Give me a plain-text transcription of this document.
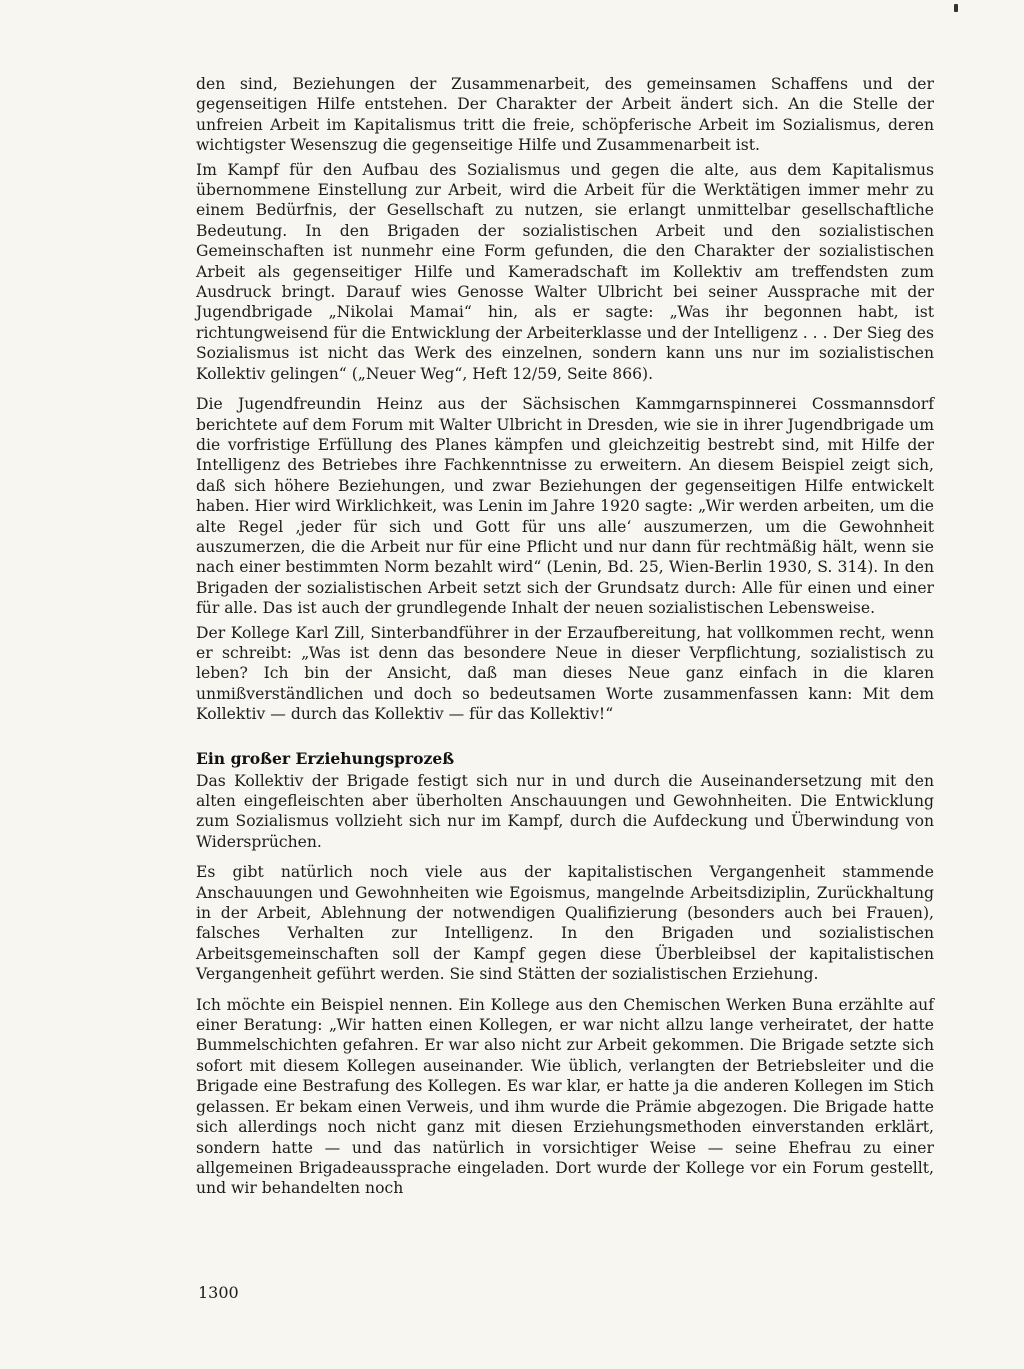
den sind, Beziehungen der Zusammenarbeit, des gemeinsamen Schaffens und der gegenseitigen Hilfe entstehen. Der Charakter der Arbeit ändert sich. An die Stelle der unfreien Arbeit im Kapitalismus tritt die freie, schöpferische Arbeit im Sozialismus, deren wichtigster Wesenszug die gegenseitige Hilfe und Zusammenarbeit ist.

Im Kampf für den Aufbau des Sozialismus und gegen die alte, aus dem Kapitalismus übernommene Einstellung zur Arbeit, wird die Arbeit für die Werktätigen immer mehr zu einem Bedürfnis, der Gesellschaft zu nutzen, sie erlangt unmittelbar gesellschaftliche Bedeutung. In den Brigaden der sozialistischen Arbeit und den sozialistischen Gemeinschaften ist nunmehr eine Form gefunden, die den Charakter der sozialistischen Arbeit als gegenseitiger Hilfe und Kameradschaft im Kollektiv am treffendsten zum Ausdruck bringt. Darauf wies Genosse Walter Ulbricht bei seiner Aussprache mit der Jugendbrigade „Nikolai Mamai“ hin, als er sagte: „Was ihr begonnen habt, ist richtungweisend für die Entwicklung der Arbeiterklasse und der Intelligenz . . . Der Sieg des Sozialismus ist nicht das Werk des einzelnen, sondern kann uns nur im sozialistischen Kollektiv gelingen“ („Neuer Weg“, Heft 12/59, Seite 866).

Die Jugendfreundin Heinz aus der Sächsischen Kammgarnspinnerei Cossmannsdorf berichtete auf dem Forum mit Walter Ulbricht in Dresden, wie sie in ihrer Jugendbrigade um die vorfristige Erfüllung des Planes kämpfen und gleichzeitig bestrebt sind, mit Hilfe der Intelligenz des Betriebes ihre Fachkenntnisse zu erweitern. An diesem Beispiel zeigt sich, daß sich höhere Beziehungen, und zwar Beziehungen der gegenseitigen Hilfe entwickelt haben. Hier wird Wirklichkeit, was Lenin im Jahre 1920 sagte: „Wir werden arbeiten, um die alte Regel ‚jeder für sich und Gott für uns alle‘ auszumerzen, um die Gewohnheit auszumerzen, die die Arbeit nur für eine Pflicht und nur dann für rechtmäßig hält, wenn sie nach einer bestimmten Norm bezahlt wird“ (Lenin, Bd. 25, Wien-Berlin 1930, S. 314). In den Brigaden der sozialistischen Arbeit setzt sich der Grundsatz durch: Alle für einen und einer für alle. Das ist auch der grundlegende Inhalt der neuen sozialistischen Lebensweise.

Der Kollege Karl Zill, Sinterbandführer in der Erzaufbereitung, hat vollkommen recht, wenn er schreibt: „Was ist denn das besondere Neue in dieser Verpflichtung, sozialistisch zu leben? Ich bin der Ansicht, daß man dieses Neue ganz einfach in die klaren unmißverständlichen und doch so bedeutsamen Worte zusammenfassen kann: Mit dem Kollektiv — durch das Kollektiv — für das Kollektiv!“

Ein großer Erziehungsprozeß

Das Kollektiv der Brigade festigt sich nur in und durch die Auseinandersetzung mit den alten eingefleischten aber überholten Anschauungen und Gewohnheiten. Die Entwicklung zum Sozialismus vollzieht sich nur im Kampf, durch die Aufdeckung und Überwindung von Widersprüchen.

Es gibt natürlich noch viele aus der kapitalistischen Vergangenheit stammende Anschauungen und Gewohnheiten wie Egoismus, mangelnde Arbeitsdiziplin, Zurückhaltung in der Arbeit, Ablehnung der notwendigen Qualifizierung (besonders auch bei Frauen), falsches Verhalten zur Intelligenz. In den Brigaden und sozialistischen Arbeitsgemeinschaften soll der Kampf gegen diese Überbleibsel der kapitalistischen Vergangenheit geführt werden. Sie sind Stätten der sozialistischen Erziehung.

Ich möchte ein Beispiel nennen. Ein Kollege aus den Chemischen Werken Buna erzählte auf einer Beratung: „Wir hatten einen Kollegen, er war nicht allzu lange verheiratet, der hatte Bummelschichten gefahren. Er war also nicht zur Arbeit gekommen. Die Brigade setzte sich sofort mit diesem Kollegen auseinander. Wie üblich, verlangten der Betriebsleiter und die Brigade eine Bestrafung des Kollegen. Es war klar, er hatte ja die anderen Kollegen im Stich gelassen. Er bekam einen Verweis, und ihm wurde die Prämie abgezogen. Die Brigade hatte sich allerdings noch nicht ganz mit diesen Erziehungsmethoden einverstanden erklärt, sondern hatte — und das natürlich in vorsichtiger Weise — seine Ehefrau zu einer allgemeinen Brigadeaussprache eingeladen. Dort wurde der Kollege vor ein Forum gestellt, und wir behandelten noch

1300
